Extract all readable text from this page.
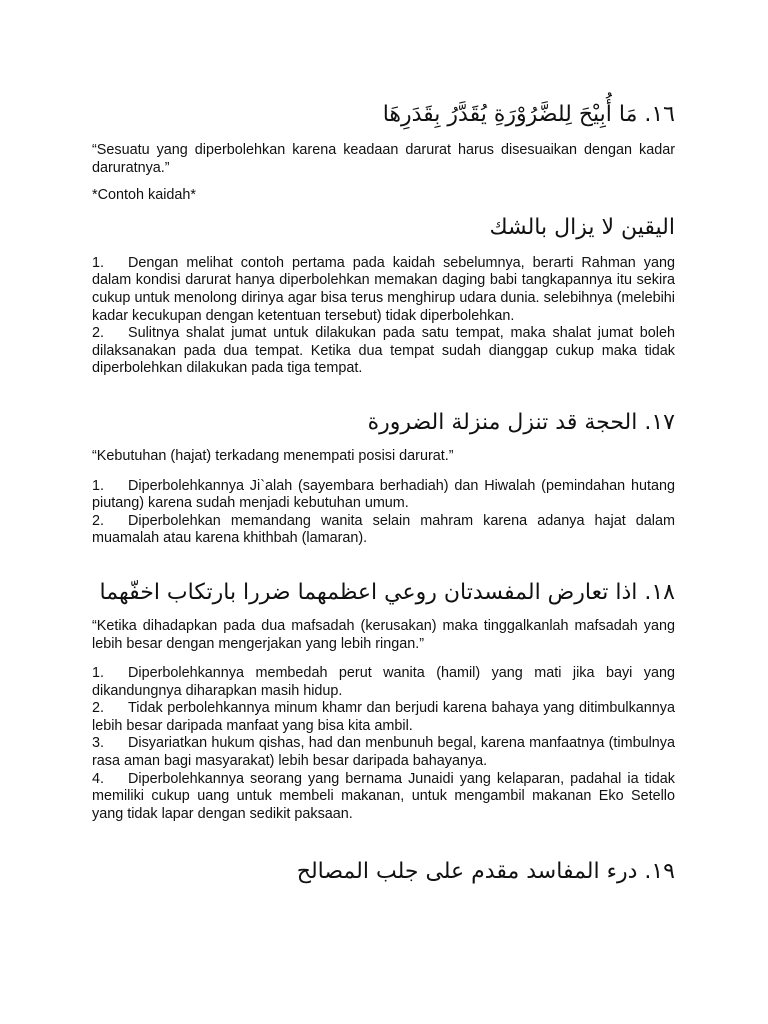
١٦. مَا أُبِيْحَ لِلضَّرُوْرَةِ يُقَدَّرُ بِقَدَرِهَا

“Sesuatu yang diperbolehkan karena keadaan darurat harus disesuaikan dengan kadar daruratnya.”

*Contoh kaidah*

اليقين لا يزال بالشك

1. Dengan melihat contoh pertama pada kaidah sebelumnya, berarti Rahman yang dalam kondisi darurat hanya diperbolehkan memakan daging babi tangkapannya itu sekira cukup untuk menolong dirinya agar bisa terus menghirup udara dunia. selebihnya (melebihi kadar kecukupan dengan ketentuan tersebut) tidak diperbolehkan.

2. Sulitnya shalat jumat untuk dilakukan pada satu tempat, maka shalat jumat boleh dilaksanakan pada dua tempat. Ketika dua tempat sudah dianggap cukup maka tidak diperbolehkan dilakukan pada tiga tempat.

١٧. الحجة قد تنزل منزلة الضرورة

“Kebutuhan (hajat) terkadang menempati posisi darurat.”

1. Diperbolehkannya Ji`alah (sayembara berhadiah) dan Hiwalah (pemindahan hutang piutang) karena sudah menjadi kebutuhan umum.

2. Diperbolehkan memandang wanita selain mahram karena adanya hajat dalam muamalah atau karena khithbah (lamaran).

١٨. اذا تعارض المفسدتان روعي اعظمهما ضررا بارتكاب اخفّهما

“Ketika dihadapkan pada dua mafsadah (kerusakan) maka tinggalkanlah mafsadah yang lebih besar dengan mengerjakan yang lebih ringan.”

1. Diperbolehkannya membedah perut wanita (hamil) yang mati jika bayi yang dikandungnya diharapkan masih hidup.

2. Tidak perbolehkannya minum khamr dan berjudi karena bahaya yang ditimbulkannya lebih besar daripada manfaat yang bisa kita ambil.

3. Disyariatkan hukum qishas, had dan menbunuh begal, karena manfaatnya (timbulnya rasa aman bagi masyarakat) lebih besar daripada bahayanya.

4. Diperbolehkannya seorang yang bernama Junaidi yang kelaparan, padahal ia tidak memiliki cukup uang untuk membeli makanan, untuk mengambil makanan Eko Setello yang tidak lapar dengan sedikit paksaan.

١٩. درء المفاسد مقدم على جلب المصالح
